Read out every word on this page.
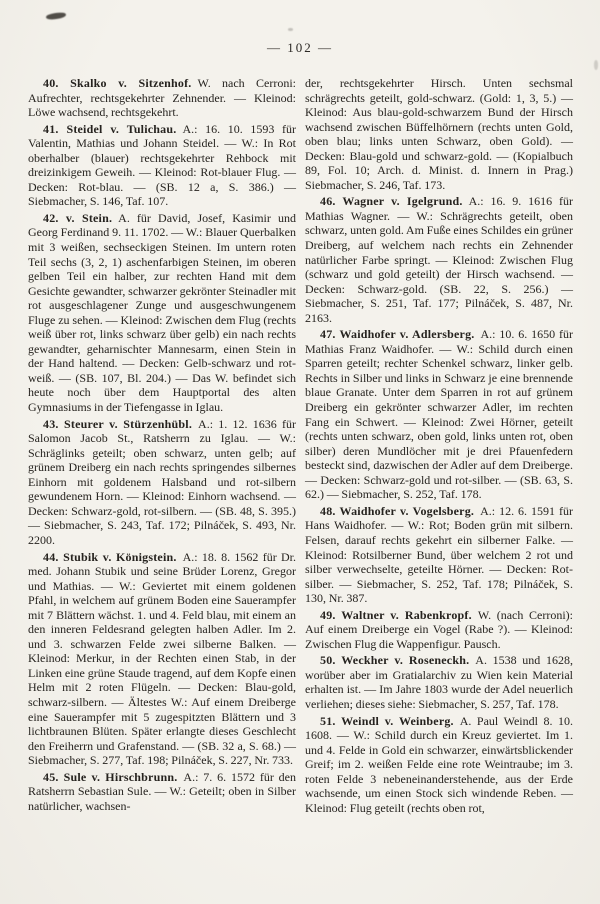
— 102 —

40. Skalko v. Sitzenhof. W. nach Cerroni: Aufrechter, rechtsgekehrter Zehnender. — Kleinod: Löwe wachsend, rechtsgekehrt.

41. Steidel v. Tulichau. A.: 16. 10. 1593 für Valentin, Mathias und Johann Steidel. — W.: In Rot oberhalber (blauer) rechtsgekehrter Rehbock mit dreizinkigem Geweih. — Kleinod: Rot-blauer Flug. — Decken: Rot-blau. — (SB. 12 a, S. 386.) — Siebmacher, S. 146, Taf. 107.

42. v. Stein. A. für David, Josef, Kasimir und Georg Ferdinand 9. 11. 1702. — W.: Blauer Querbalken mit 3 weißen, sechseckigen Steinen. Im untern roten Teil sechs (3, 2, 1) aschenfarbigen Steinen, im oberen gelben Teil ein halber, zur rechten Hand mit dem Gesichte gewandter, schwarzer gekrönter Steinadler mit rot ausgeschlagener Zunge und ausgeschwungenem Fluge zu sehen. — Kleinod: Zwischen dem Flug (rechts weiß über rot, links schwarz über gelb) ein nach rechts gewandter, geharnischter Mannesarm, einen Stein in der Hand haltend. — Decken: Gelb-schwarz und rot-weiß. — (SB. 107, Bl. 204.) — Das W. befindet sich heute noch über dem Hauptportal des alten Gymnasiums in der Tiefengasse in Iglau.

43. Steurer v. Stürzenhübl. A.: 1. 12. 1636 für Salomon Jacob St., Ratsherrn zu Iglau. — W.: Schräglinks geteilt; oben schwarz, unten gelb; auf grünem Dreiberg ein nach rechts springendes silbernes Einhorn mit goldenem Halsband und rot-silbern gewundenem Horn. — Kleinod: Einhorn wachsend. — Decken: Schwarz-gold, rot-silbern. — (SB. 48, S. 395.) — Siebmacher, S. 243, Taf. 172; Pilnáček, S. 493, Nr. 2200.

44. Stubik v. Königstein. A.: 18. 8. 1562 für Dr. med. Johann Stubik und seine Brüder Lorenz, Gregor und Mathias. — W.: Geviertet mit einem goldenen Pfahl, in welchem auf grünem Boden eine Sauerampfer mit 7 Blättern wächst. 1. und 4. Feld blau, mit einem an den inneren Feldesrand gelegten halben Adler. Im 2. und 3. schwarzen Felde zwei silberne Balken. — Kleinod: Merkur, in der Rechten einen Stab, in der Linken eine grüne Staude tragend, auf dem Kopfe einen Helm mit 2 roten Flügeln. — Decken: Blau-gold, schwarz-silbern. — Ältestes W.: Auf einem Dreiberge eine Sauerampfer mit 5 zugespitzten Blättern und 3 lichtbraunen Blüten. Später erlangte dieses Geschlecht den Freiherrn und Grafenstand. — (SB. 32 a, S. 68.) — Siebmacher, S. 277, Taf. 198; Pilnáček, S. 227, Nr. 733.

45. Sule v. Hirschbrunn. A.: 7. 6. 1572 für den Ratsherrn Sebastian Sule. — W.: Geteilt; oben in Silber natürlicher, wachsen-

der, rechtsgekehrter Hirsch. Unten sechsmal schrägrechts geteilt, gold-schwarz. (Gold: 1, 3, 5.) — Kleinod: Aus blau-gold-schwarzem Bund der Hirsch wachsend zwischen Büffelhörnern (rechts unten Gold, oben blau; links unten Schwarz, oben Gold). — Decken: Blau-gold und schwarz-gold. — (Kopialbuch 89, Fol. 10; Arch. d. Minist. d. Innern in Prag.) Siebmacher, S. 246, Taf. 173.

46. Wagner v. Igelgrund. A.: 16. 9. 1616 für Mathias Wagner. — W.: Schrägrechts geteilt, oben schwarz, unten gold. Am Fuße eines Schildes ein grüner Dreiberg, auf welchem nach rechts ein Zehnender natürlicher Farbe springt. — Kleinod: Zwischen Flug (schwarz und gold geteilt) der Hirsch wachsend. — Decken: Schwarz-gold. (SB. 22, S. 256.) — Siebmacher, S. 251, Taf. 177; Pilnáček, S. 487, Nr. 2163.

47. Waidhofer v. Adlersberg. A.: 10. 6. 1650 für Mathias Franz Waidhofer. — W.: Schild durch einen Sparren geteilt; rechter Schenkel schwarz, linker gelb. Rechts in Silber und links in Schwarz je eine brennende blaue Granate. Unter dem Sparren in rot auf grünem Dreiberg ein gekrönter schwarzer Adler, im rechten Fang ein Schwert. — Kleinod: Zwei Hörner, geteilt (rechts unten schwarz, oben gold, links unten rot, oben silber) deren Mundlöcher mit je drei Pfauenfedern besteckt sind, dazwischen der Adler auf dem Dreiberge. — Decken: Schwarz-gold und rot-silber. — (SB. 63, S. 62.) — Siebmacher, S. 252, Taf. 178.

48. Waidhofer v. Vogelsberg. A.: 12. 6. 1591 für Hans Waidhofer. — W.: Rot; Boden grün mit silbern. Felsen, darauf rechts gekehrt ein silberner Falke. — Kleinod: Rotsilberner Bund, über welchem 2 rot und silber verwechselte, geteilte Hörner. — Decken: Rot-silber. — Siebmacher, S. 252, Taf. 178; Pilnáček, S. 130, Nr. 387.

49. Waltner v. Rabenkropf. W. (nach Cerroni): Auf einem Dreiberge ein Vogel (Rabe ?). — Kleinod: Zwischen Flug die Wappenfigur. Pausch.

50. Weckher v. Roseneckh. A. 1538 und 1628, worüber aber im Gratialarchiv zu Wien kein Material erhalten ist. — Im Jahre 1803 wurde der Adel neuerlich verliehen; dieses siehe: Siebmacher, S. 257, Taf. 178.

51. Weindl v. Weinberg. A. Paul Weindl 8. 10. 1608. — W.: Schild durch ein Kreuz geviertet. Im 1. und 4. Felde in Gold ein schwarzer, einwärtsblickender Greif; im 2. weißen Felde eine rote Weintraube; im 3. roten Felde 3 nebeneinanderstehende, aus der Erde wachsende, um einen Stock sich windende Reben. — Kleinod: Flug geteilt (rechts oben rot,
